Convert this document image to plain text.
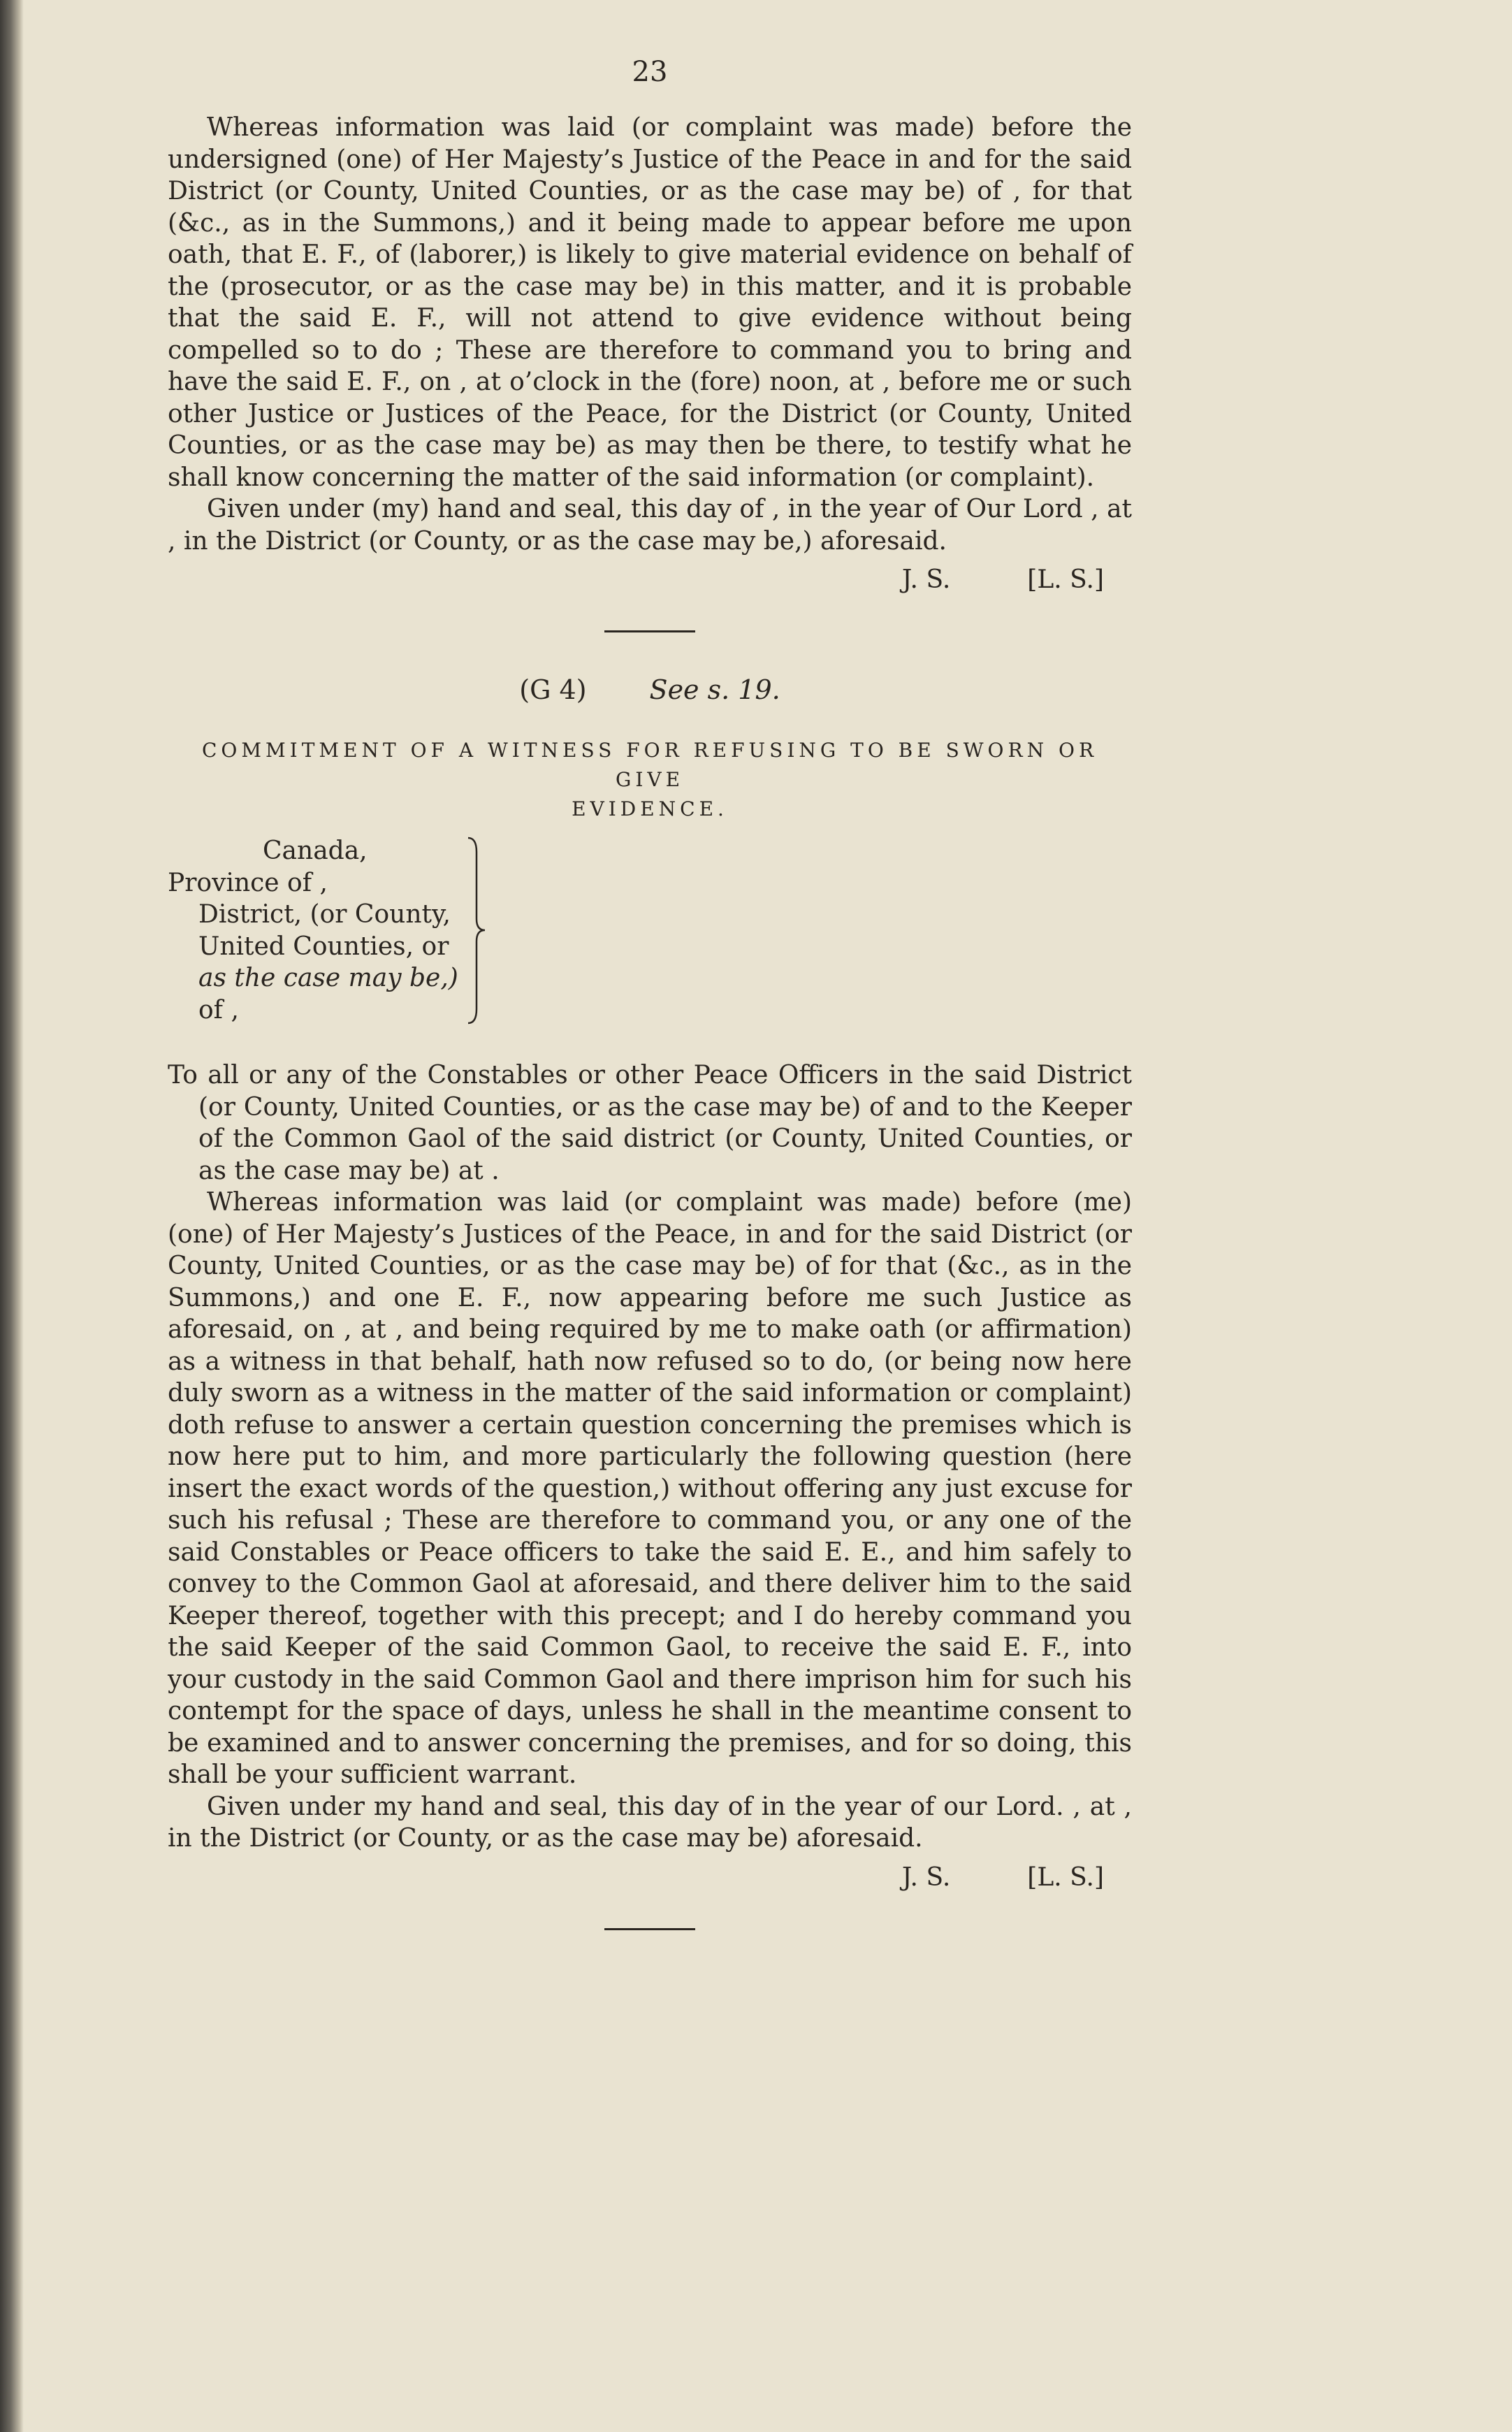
23

Whereas information was laid (or complaint was made) before the undersigned (one) of Her Majesty’s Justice of the Peace in and for the said District (or County, United Counties, or as the case may be) of , for that (&c., as in the Summons,) and it being made to appear before me upon oath, that E. F., of (laborer,) is likely to give material evidence on behalf of the (prosecutor, or as the case may be) in this matter, and it is probable that the said E. F., will not attend to give evidence without being compelled so to do ; These are therefore to command you to bring and have the said E. F., on , at o’clock in the (fore) noon, at , before me or such other Justice or Justices of the Peace, for the District (or County, United Counties, or as the case may be) as may then be there, to testify what he shall know concerning the matter of the said information (or complaint).

Given under (my) hand and seal, this day of , in the year of Our Lord , at , in the District (or County, or as the case may be,) aforesaid.

J. S.	[L. S.]
(G 4) See s. 19.
COMMITMENT OF A WITNESS FOR REFUSING TO BE SWORN OR GIVE
EVIDENCE.
Canada,
Province of ,
District, (or County,
United Counties, or
as the case may be,)
of ,

To all or any of the Constables or other Peace Officers in the said District (or County, United Counties, or as the case may be) of and to the Keeper of the Common Gaol of the said district (or County, United Counties, or as the case may be) at .

Whereas information was laid (or complaint was made) before (me) (one) of Her Majesty’s Justices of the Peace, in and for the said District (or County, United Counties, or as the case may be) of for that (&c., as in the Summons,) and one E. F., now appearing before me such Justice as aforesaid, on , at , and being required by me to make oath (or affirmation) as a witness in that behalf, hath now refused so to do, (or being now here duly sworn as a witness in the matter of the said information or complaint) doth refuse to answer a certain question concerning the premises which is now here put to him, and more particularly the following question (here insert the exact words of the question,) without offering any just excuse for such his refusal ; These are therefore to command you, or any one of the said Constables or Peace officers to take the said E. E., and him safely to convey to the Common Gaol at aforesaid, and there deliver him to the said Keeper thereof, together with this precept; and I do hereby command you the said Keeper of the said Common Gaol, to receive the said E. F., into your custody in the said Common Gaol and there imprison him for such his contempt for the space of days, unless he shall in the meantime consent to be examined and to answer concerning the premises, and for so doing, this shall be your sufficient warrant.

Given under my hand and seal, this day of in the year of our Lord. , at , in the District (or County, or as the case may be) aforesaid.

J. S.	[L. S.]
